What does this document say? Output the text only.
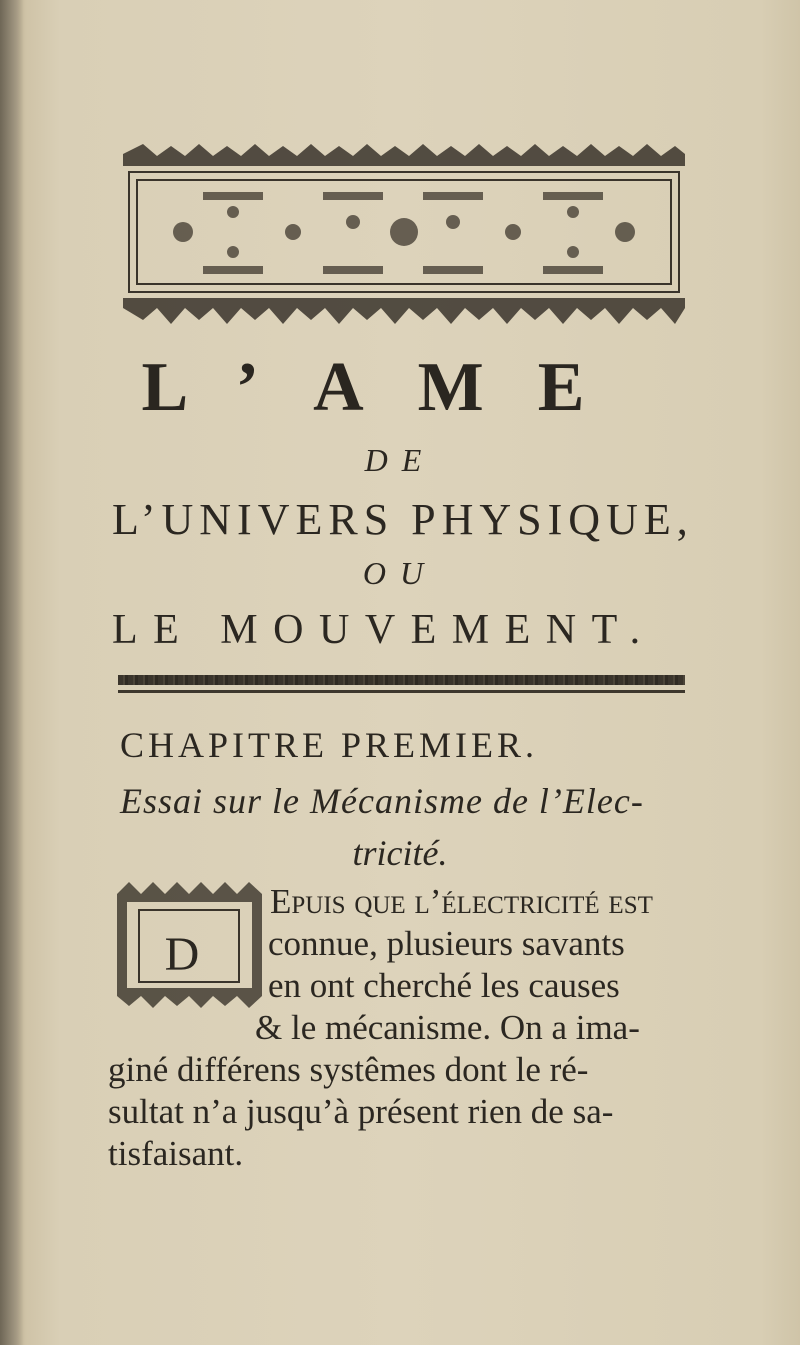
L’AME
DE
L’UNIVERS PHYSIQUE,
OU
LE MOUVEMENT.
CHAPITRE PREMIER.
Essai sur le Mécanisme de l’Elec-
tricité.
D
Epuis que l’électricité est
connue, plusieurs savants
en ont cherché les causes
& le mécanisme. On a ima-
giné différens systêmes dont le ré-
sultat n’a jusqu’à présent rien de sa-
tisfaisant.
